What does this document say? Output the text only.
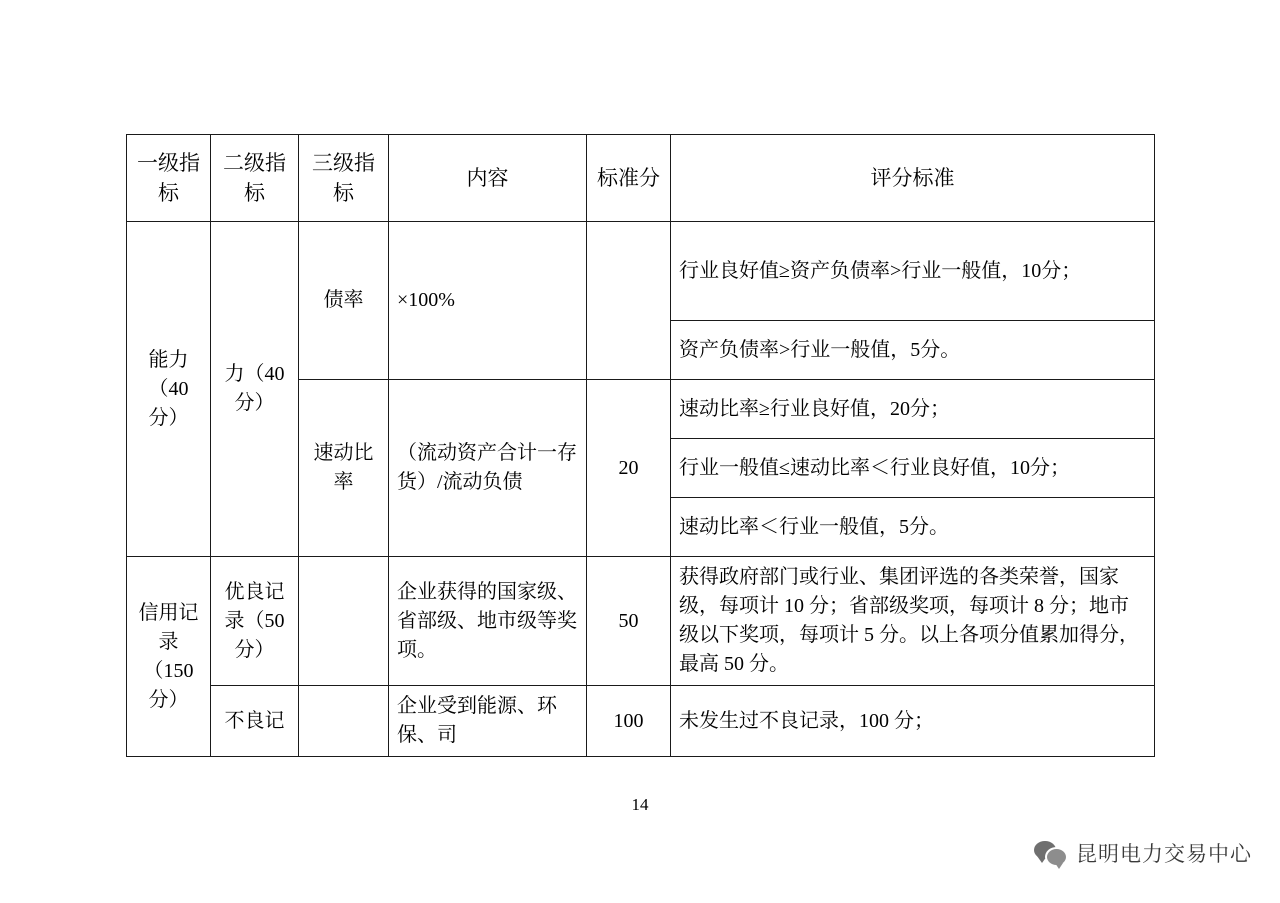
一级指标	二级指标	三级指标	内容	标准分	评分标准
能力（40分）	力（40分）	债率	×100%		行业良好值≥资产负债率>行业一般值，10分；
					资产负债率>行业一般值，5分。
		速动比率	（流动资产合计一存货）/流动负债	20	速动比率≥行业良好值，20分；
					行业一般值≤速动比率＜行业良好值，10分；
					速动比率＜行业一般值，5分。
信用记录（150分）	优良记录（50分）		企业获得的国家级、省部级、地市级等奖项。	50	获得政府部门或行业、集团评选的各类荣誉，国家级，每项计 10 分；省部级奖项，每项计 8 分；地市级以下奖项，每项计 5 分。以上各项分值累加得分，最高 50 分。
	不良记		企业受到能源、环保、司	100	未发生过不良记录，100 分；
14
昆明电力交易中心
